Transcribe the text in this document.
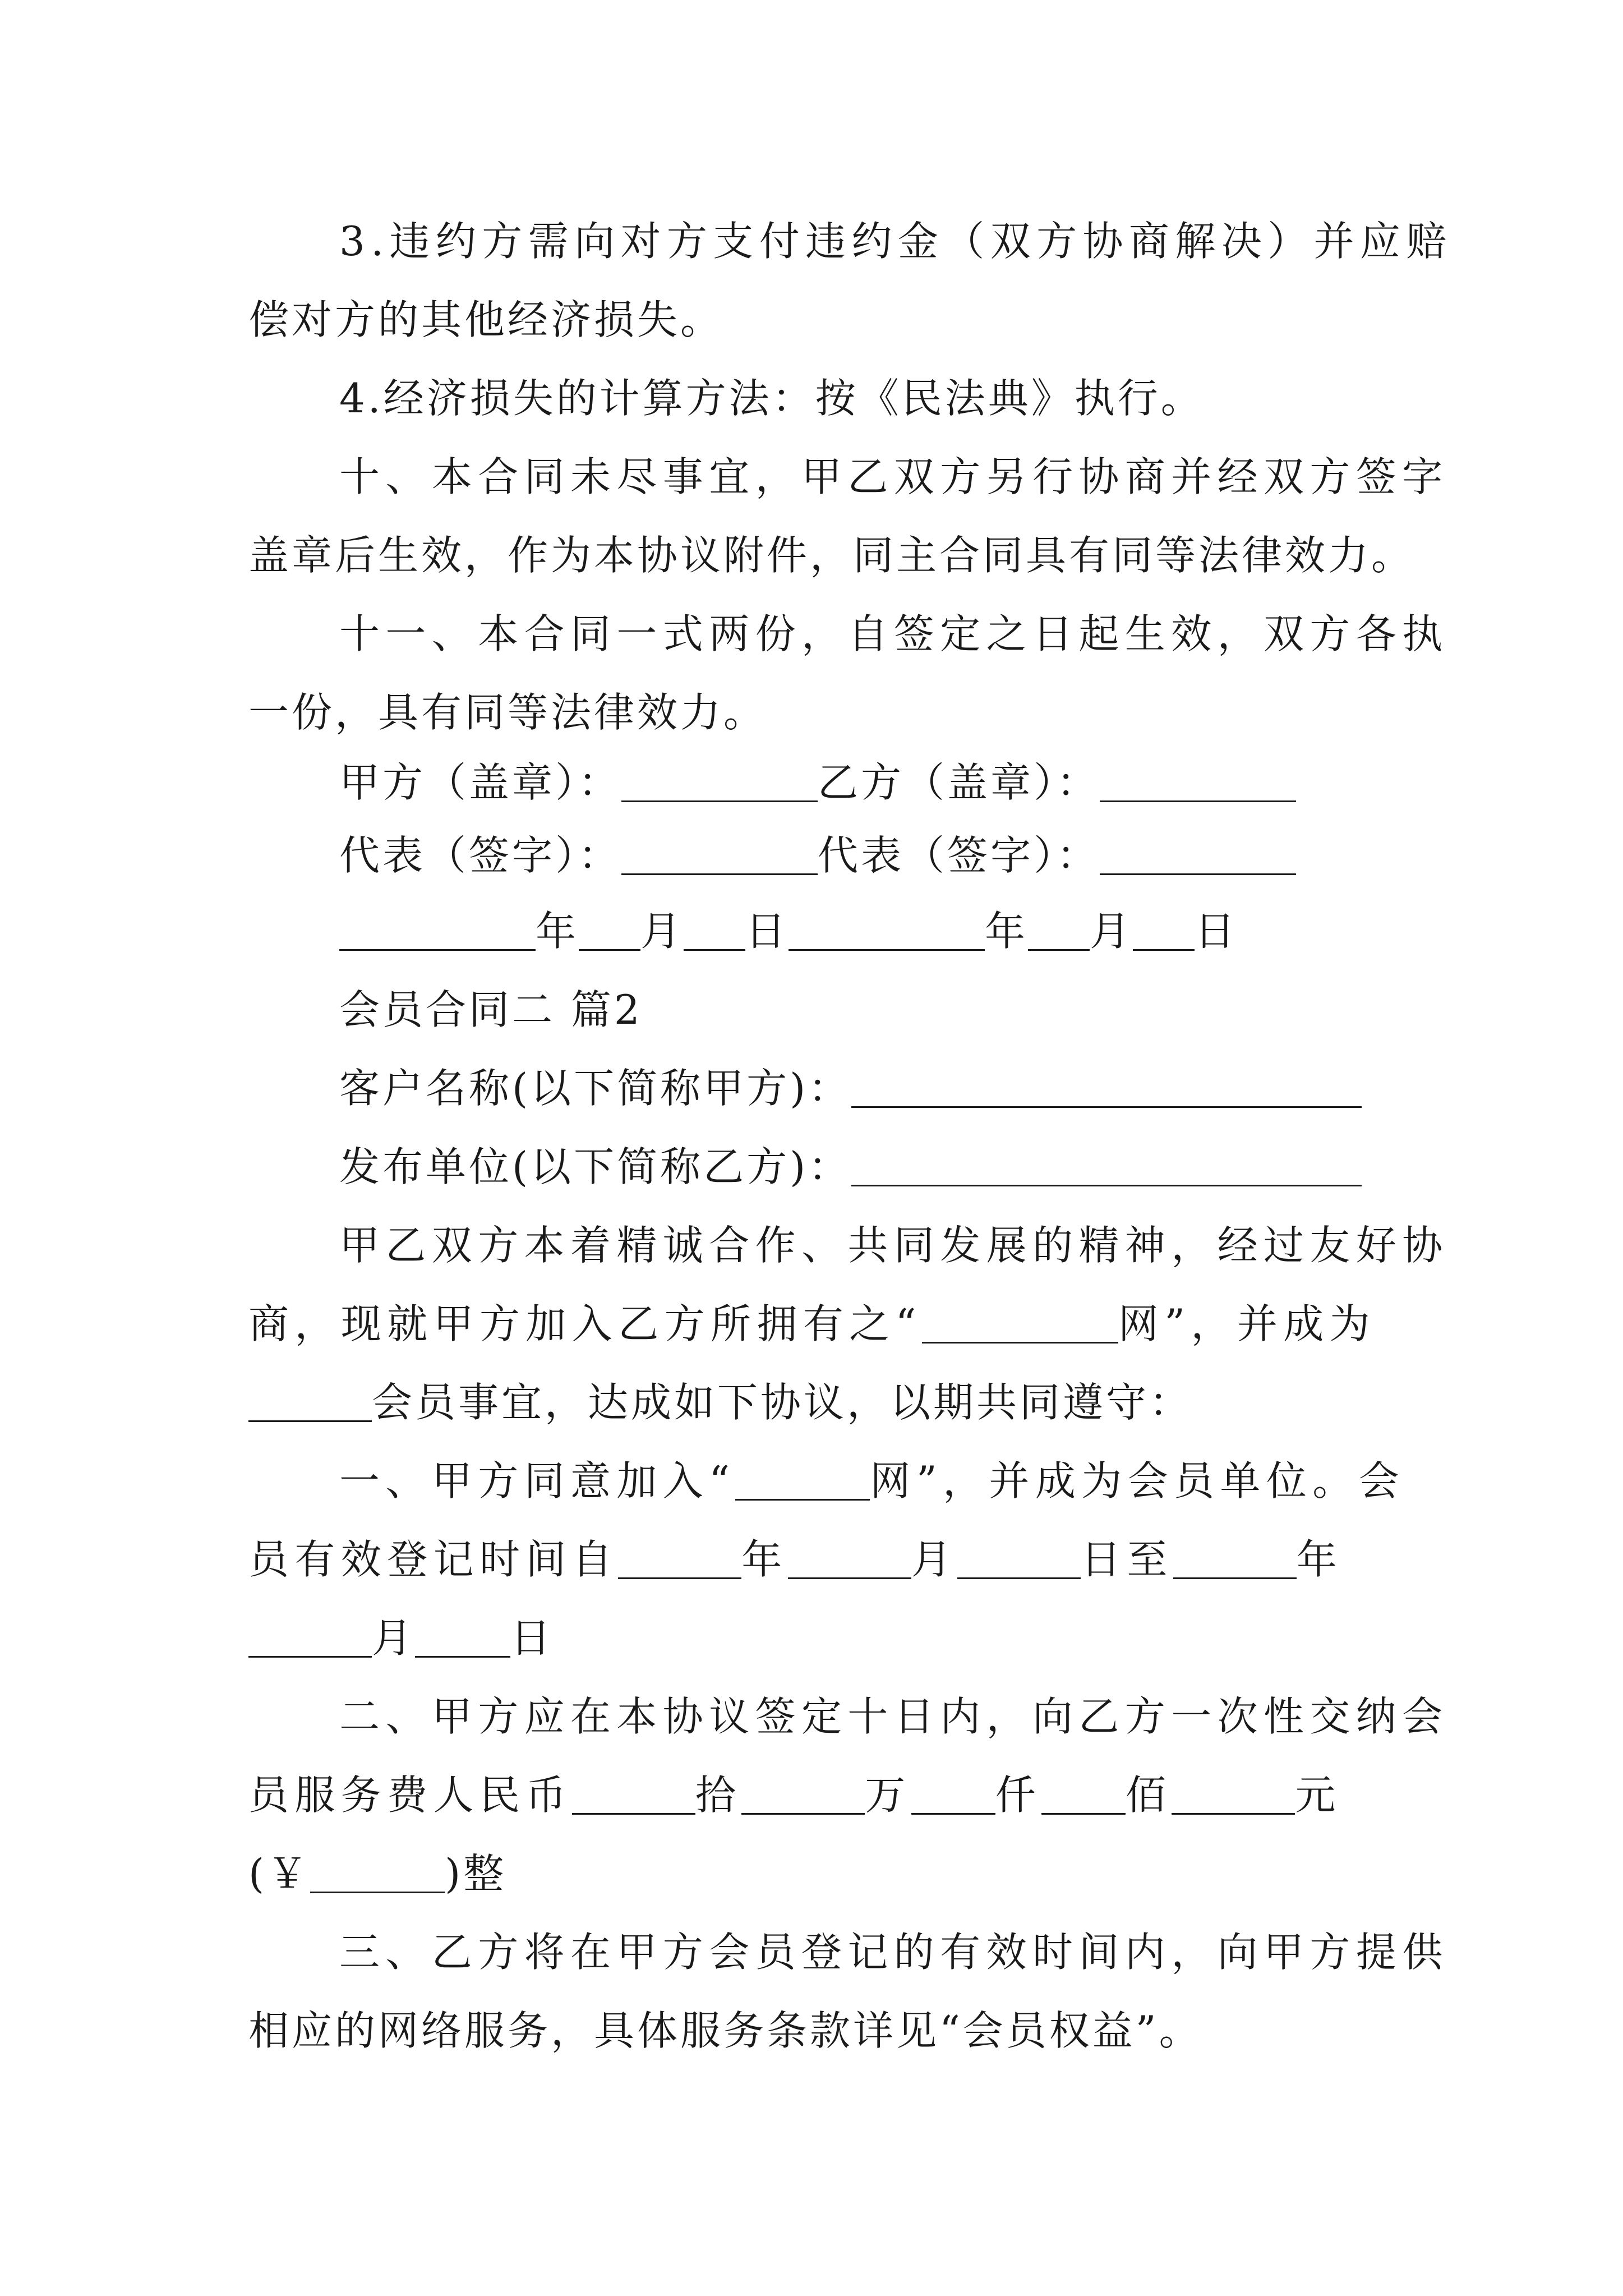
3.违约方需向对方支付违约金（双方协商解决）并应赔
偿对方的其他经济损失。
4.经济损失的计算方法：按《民法典》执行。
十、本合同未尽事宜，甲乙双方另行协商并经双方签字
盖章后生效，作为本协议附件，同主合同具有同等法律效力。
十一、本合同一式两份，自签定之日起生效，双方各执
一份，具有同等法律效力。
甲方（盖章）：	乙方（盖章）：
代表（签字）：	代表（签字）：
年 月 日	年 月 日
会员合同二 篇2
客户名称(以下简称甲方)：
发布单位(以下简称乙方)：
甲乙双方本着精诚合作、共同发展的精神，经过友好协
商，现就甲方加入乙方所拥有之“	网”，并成为
会员事宜，达成如下协议，以期共同遵守：
一、甲方同意加入“	网”，并成为会员单位。会
员有效登记时间自	年	月	日至	年
月 日
二、甲方应在本协议签定十日内，向乙方一次性交纳会
员服务费人民币	拾	万 仟 佰	元
(￥	)整
三、乙方将在甲方会员登记的有效时间内，向甲方提供
相应的网络服务，具体服务条款详见“会员权益”。
